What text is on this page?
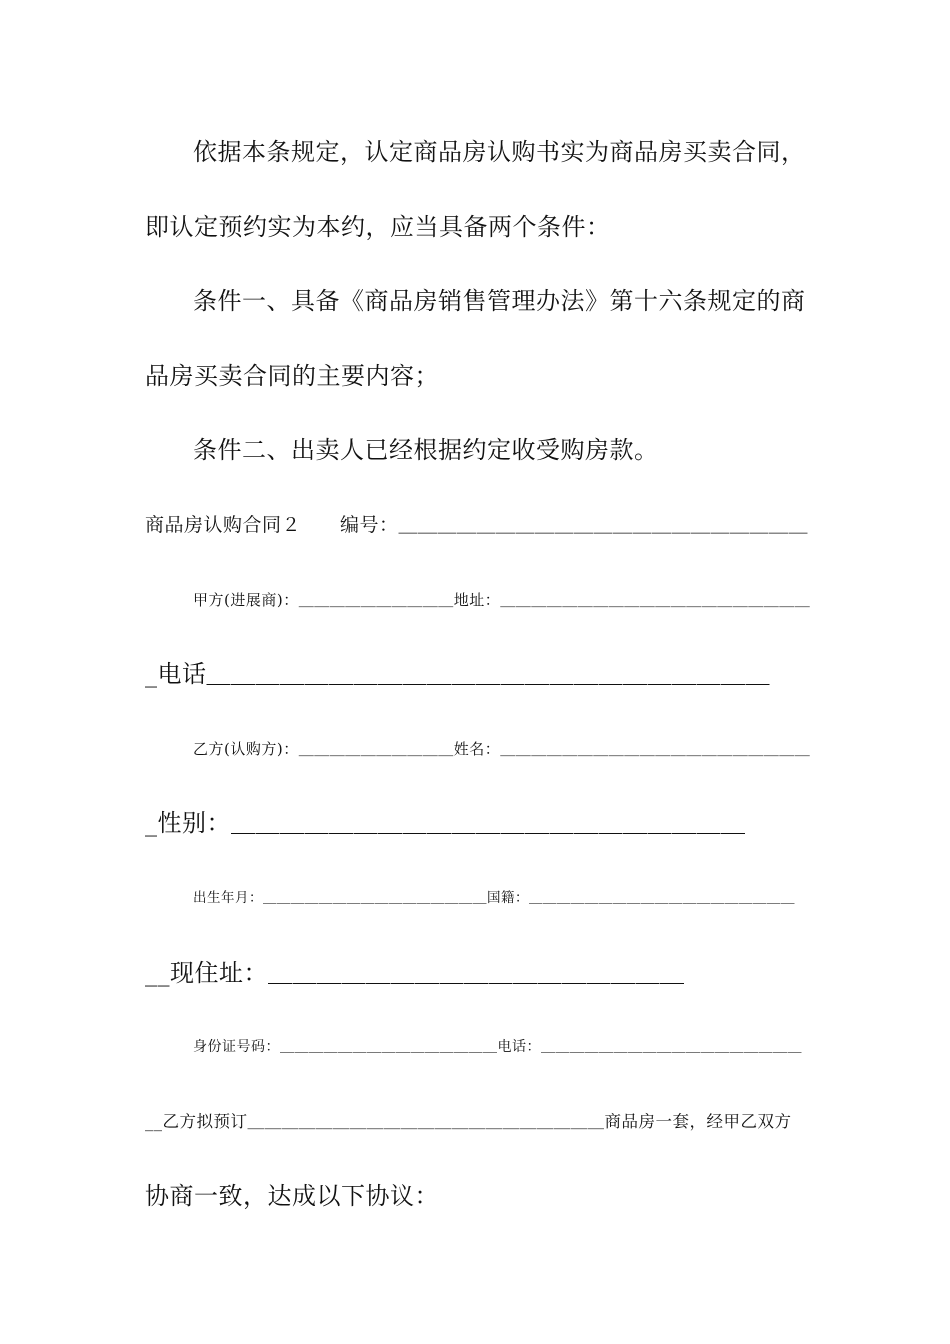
依据本条规定，认定商品房认购书实为商品房买卖合同，
即认定预约实为本约，应当具备两个条件：
条件一、具备《商品房销售管理办法》第十六条规定的商
品房买卖合同的主要内容；
条件二、出卖人已经根据约定收受购房款。
商品房认购合同２　　编号：＿＿＿＿＿＿＿＿＿＿＿＿＿＿＿＿＿＿＿＿＿
甲方(进展商)：＿＿＿＿＿＿＿＿＿＿地址：＿＿＿＿＿＿＿＿＿＿＿＿＿＿＿＿＿＿＿＿
_电话＿＿＿＿＿＿＿＿＿＿＿＿＿＿＿＿＿＿＿＿＿＿＿
乙方(认购方)：＿＿＿＿＿＿＿＿＿＿姓名：＿＿＿＿＿＿＿＿＿＿＿＿＿＿＿＿＿＿＿＿
_性别：＿＿＿＿＿＿＿＿＿＿＿＿＿＿＿＿＿＿＿＿＿
出生年月：＿＿＿＿＿＿＿＿＿＿＿＿＿＿＿＿国籍：＿＿＿＿＿＿＿＿＿＿＿＿＿＿＿＿＿＿＿
__现住址：＿＿＿＿＿＿＿＿＿＿＿＿＿＿＿＿＿
身份证号码：＿＿＿＿＿＿＿＿＿＿＿＿＿＿＿电话：＿＿＿＿＿＿＿＿＿＿＿＿＿＿＿＿＿＿
__乙方拟预订＿＿＿＿＿＿＿＿＿＿＿＿＿＿＿＿＿＿＿＿＿商品房一套，经甲乙双方
协商一致，达成以下协议：
